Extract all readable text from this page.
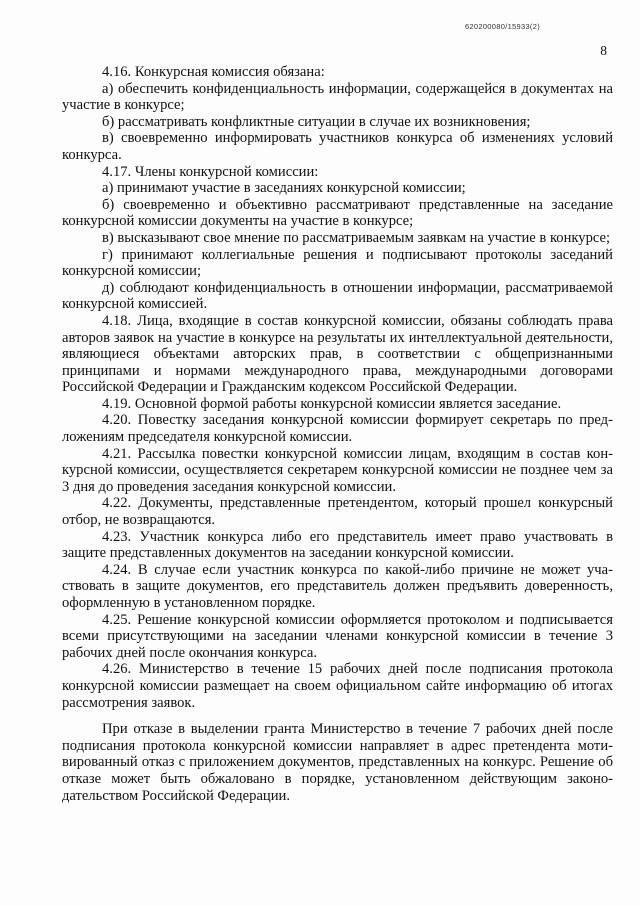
620200080/15933(2)
8

4.16. Конкурсная комиссия обязана:

а) обеспечить конфиденциальность информации, содержащейся в документах на участие в конкурсе;

б) рассматривать конфликтные ситуации в случае их возникновения;

в) своевременно информировать участников конкурса об изменениях условий конкурса.

4.17. Члены конкурсной комиссии:

а) принимают участие в заседаниях конкурсной комиссии;

б) своевременно и объективно рассматривают представленные на заседание конкурсной комиссии документы на участие в конкурсе;

в) высказывают свое мнение по рассматриваемым заявкам на участие в конкурсе;

г) принимают коллегиальные решения и подписывают протоколы заседаний конкурсной комиссии;

д) соблюдают конфиденциальность в отношении информации, рассматриваемой конкурсной комиссией.

4.18. Лица, входящие в состав конкурсной комиссии, обязаны соблюдать права авторов заявок на участие в конкурсе на результаты их интеллектуальной деятельности, являющиеся объектами авторских прав, в соответствии с общепризнанными принципами и нормами международного права, международными договорами Российской Федерации и Гражданским кодексом Российской Федерации.

4.19. Основной формой работы конкурсной комиссии является заседание.

4.20. Повестку заседания конкурсной комиссии формирует секретарь по предложениям председателя конкурсной комиссии.

4.21. Рассылка повестки конкурсной комиссии лицам, входящим в состав конкурсной комиссии, осуществляется секретарем конкурсной комиссии не позднее чем за 3 дня до проведения заседания конкурсной комиссии.

4.22. Документы, представленные претендентом, который прошел конкурсный отбор, не возвращаются.

4.23. Участник конкурса либо его представитель имеет право участвовать в защите представленных документов на заседании конкурсной комиссии.

4.24. В случае если участник конкурса по какой-либо причине не может участвовать в защите документов, его представитель должен предъявить доверенность, оформленную в установленном порядке.

4.25. Решение конкурсной комиссии оформляется протоколом и подписывается всеми присутствующими на заседании членами конкурсной комиссии в течение 3 рабочих дней после окончания конкурса.

4.26. Министерство в течение 15 рабочих дней после подписания протокола конкурсной комиссии размещает на своем официальном сайте информацию об итогах рассмотрения заявок.

При отказе в выделении гранта Министерство в течение 7 рабочих дней после подписания протокола конкурсной комиссии направляет в адрес претендента мотивированный отказ с приложением документов, представленных на конкурс. Решение об отказе может быть обжаловано в порядке, установленном действующим законодательством Российской Федерации.
